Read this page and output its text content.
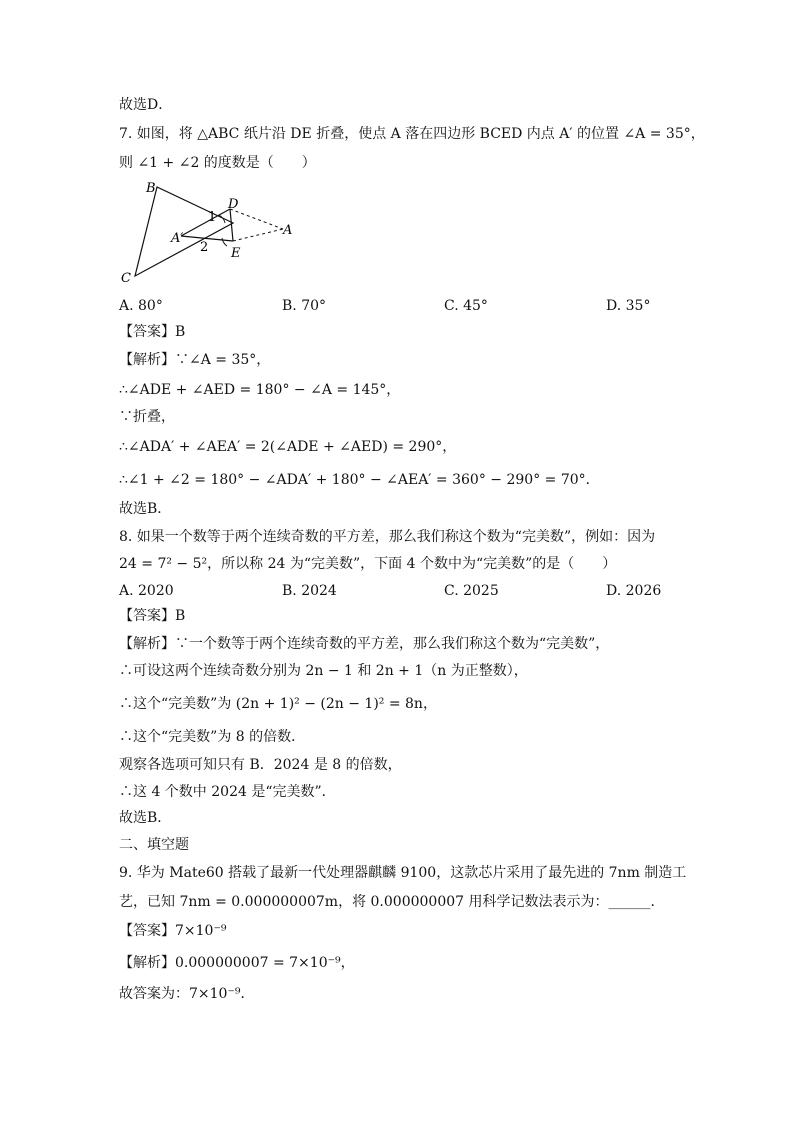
故选D．
7. 如图，将 △ABC 纸片沿 DE 折叠，使点 A 落在四边形 BCED 内点 A′ 的位置 ∠A = 35°，
则 ∠1 + ∠2 的度数是（　　）
B
C
D
E
A
A′
1
2
A. 80°	B. 70°	C. 45°	D. 35°
【答案】B
【解析】∵∠A = 35°，
∴∠ADE + ∠AED = 180° − ∠A = 145°，
∵折叠，
∴∠ADA′ + ∠AEA′ = 2(∠ADE + ∠AED) = 290°，
∴∠1 + ∠2 = 180° − ∠ADA′ + 180° − ∠AEA′ = 360° − 290° = 70°．
故选B．
8. 如果一个数等于两个连续奇数的平方差，那么我们称这个数为“完美数”，例如：因为
24 = 7² − 5²，所以称 24 为“完美数”，下面 4 个数中为“完美数”的是（　　）
A. 2020	B. 2024	C. 2025	D. 2026
【答案】B
【解析】∵一个数等于两个连续奇数的平方差，那么我们称这个数为“完美数”，
∴可设这两个连续奇数分别为 2n − 1 和 2n + 1（n 为正整数），
∴这个“完美数”为 (2n + 1)² − (2n − 1)² = 8n，
∴这个“完美数”为 8 的倍数．
观察各选项可知只有 B．2024 是 8 的倍数，
∴这 4 个数中 2024 是“完美数”．
故选B．
二、填空题
9. 华为 Mate60 搭载了最新一代处理器麒麟 9100，这款芯片采用了最先进的 7nm 制造工
艺，已知 7nm = 0.000000007m，将 0.000000007 用科学记数法表示为：______．
【答案】7×10⁻⁹
【解析】0.000000007 = 7×10⁻⁹，
故答案为：7×10⁻⁹．
